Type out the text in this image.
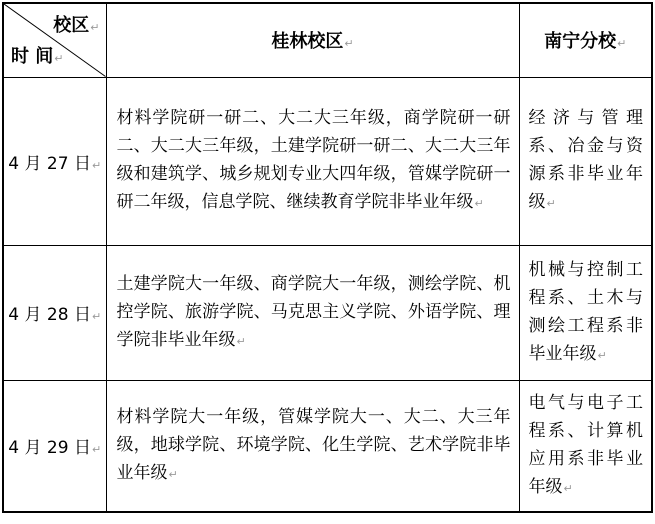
校区↵
时 间↵	桂林校区↵	南宁分校↵
4 月 27 日↵	材料学院研一研二、大二大三年级，商学院研一研二、大二大三年级，土建学院研一研二、大二大三年级和建筑学、城乡规划专业大四年级，管媒学院研一研二年级，信息学院、继续教育学院非毕业年级↵	经济与管理系、冶金与资源系非毕业年级↵
4 月 28 日↵	土建学院大一年级、商学院大一年级，测绘学院、机控学院、旅游学院、马克思主义学院、外语学院、理学院非毕业年级↵	机械与控制工程系、土木与测绘工程系非毕业年级↵
4 月 29 日↵	材料学院大一年级，管媒学院大一、大二、大三年级，地球学院、环境学院、化生学院、艺术学院非毕业年级↵	电气与电子工程系、计算机应用系非毕业年级↵
